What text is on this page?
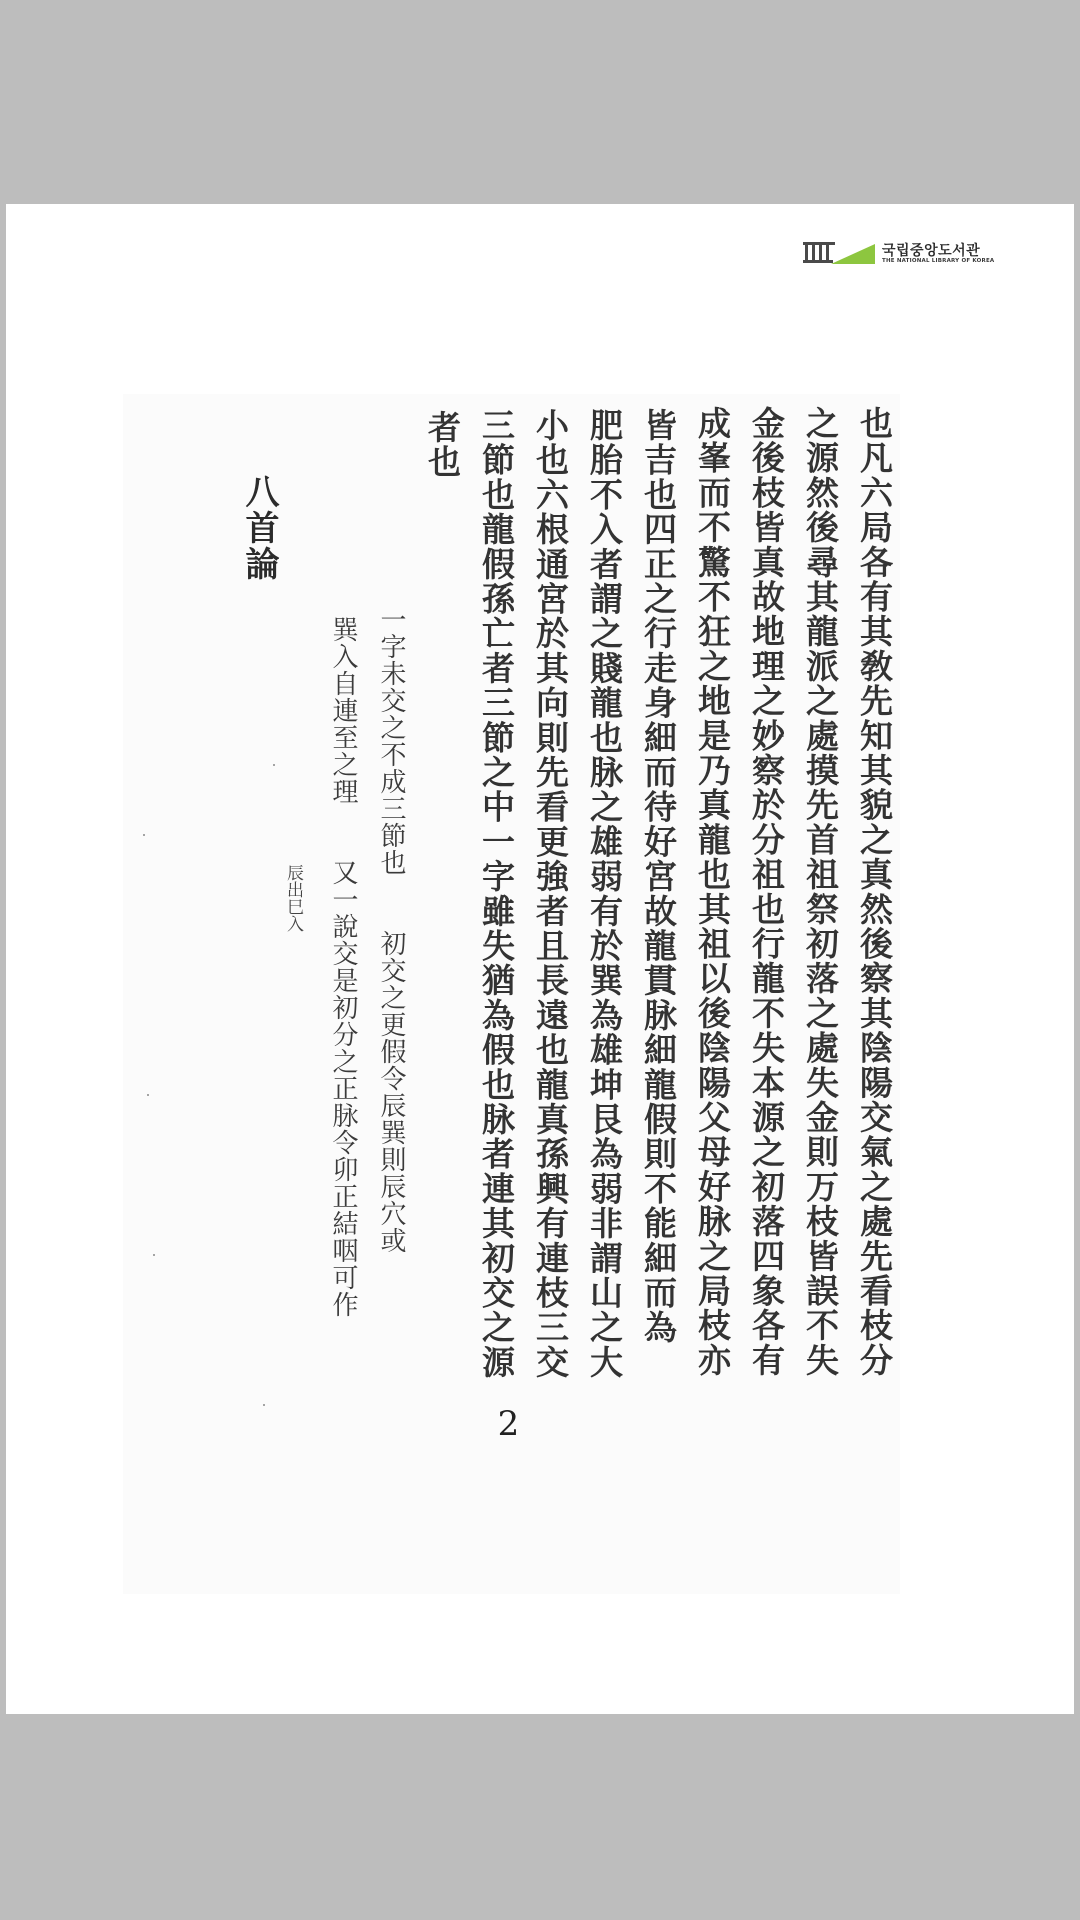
국립중앙도서관
THE NATIONAL LIBRARY OF KOREA
也凡六局各有其敎先知其貌之真然後察其陰陽交氣之處先看枝分
之源然後尋其龍派之處摸先首祖祭初落之處失金則万枝皆誤不失
金後枝皆真故地理之妙察於分祖也行龍不失本源之初落四象各有
成峯而不驚不狂之地是乃真龍也其祖以後陰陽父母好脉之局枝亦
皆吉也四正之行走身細而待好宮故龍貫脉細龍假則不能細而為
肥胎不入者謂之賤龍也脉之雄弱有於巽為雄坤艮為弱非謂山之大
小也六根通宮於其向則先看更強者且長遠也龍真孫興有連枝三交
三節也龍假孫亡者三節之中一字雖失猶為假也脉者連其初交之源
者也
一字未交之不成三節也　　初交之更假令辰巽則辰穴或
巽入自連至之理　　又一說交是初分之正脉令卯正結咽可作
辰出巳入
八首論
2
